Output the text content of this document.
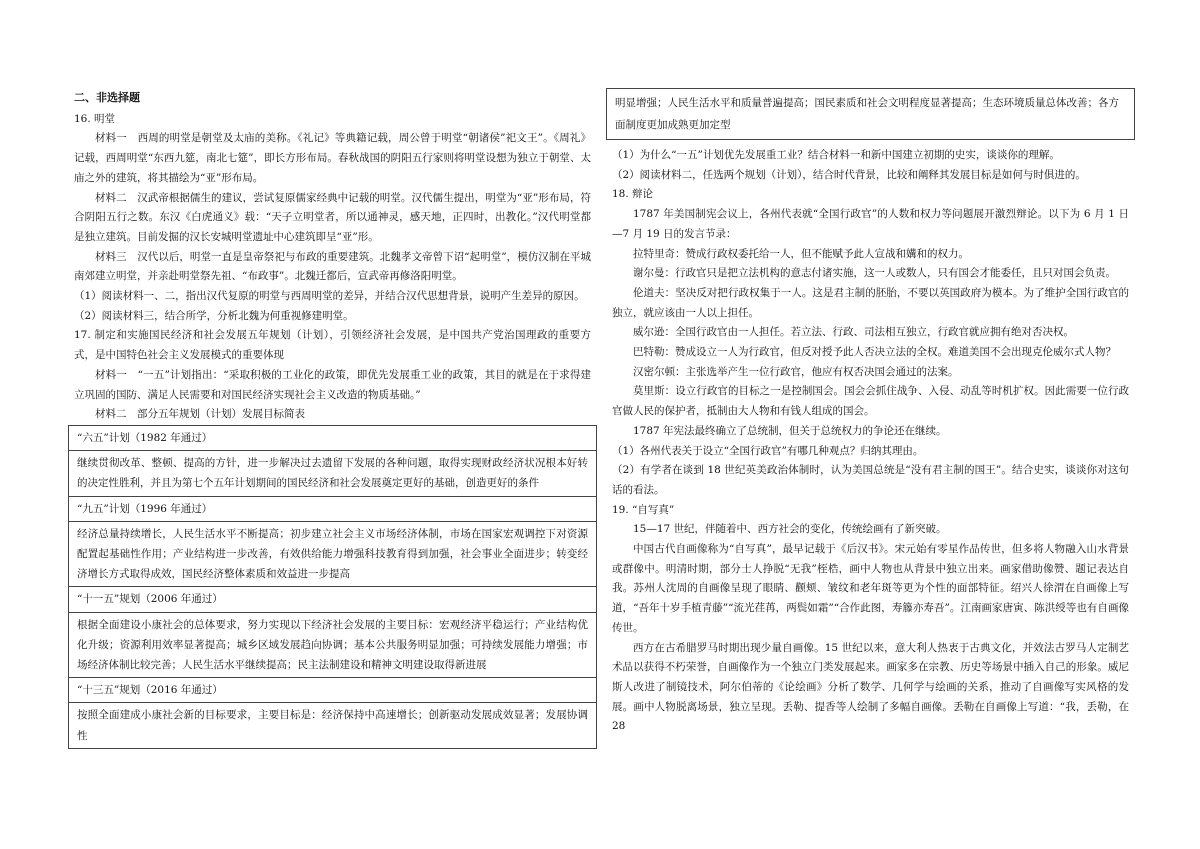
二、非选择题

16. 明堂

材料一　西周的明堂是朝堂及太庙的美称。《礼记》等典籍记载，周公曾于明堂“朝诸侯”祀文王”。《周礼》记载，西周明堂“东西九筵，南北七筵”，即长方形布局。春秋战国的阴阳五行家则将明堂设想为独立于朝堂、太庙之外的建筑，将其描绘为“亚”形布局。

材料二　汉武帝根据儒生的建议，尝试复原儒家经典中记载的明堂。汉代儒生提出，明堂为“亚”形布局，符合阴阳五行之数。东汉《白虎通义》载：“天子立明堂者，所以通神灵，感天地，正四时，出教化。”汉代明堂都是独立建筑。目前发掘的汉长安城明堂遗址中心建筑即呈“亚”形。

材料三　汉代以后，明堂一直是皇帝祭祀与布政的重要建筑。北魏孝文帝曾下诏“起明堂”，模仿汉制在平城南郊建立明堂，并亲赴明堂祭先祖、“布政事”。北魏迁都后，宣武帝再修洛阳明堂。

（1）阅读材料一、二，指出汉代复原的明堂与西周明堂的差异，并结合汉代思想背景，说明产生差异的原因。

（2）阅读材料三，结合所学，分析北魏为何重视修建明堂。

17. 制定和实施国民经济和社会发展五年规划（计划），引领经济社会发展，是中国共产党治国理政的重要方式，是中国特色社会主义发展模式的重要体现

材料一　“一五”计划指出：“采取积极的工业化的政策，即优先发展重工业的政策，其目的就是在于求得建立巩固的国防、满足人民需要和对国民经济实现社会主义改造的物质基础。”

材料二　部分五年规划（计划）发展目标简表

“六五”计划（1982 年通过）

继续贯彻改革、整顿、提高的方针，进一步解决过去遗留下发展的各种问题，取得实现财政经济状况根本好转的决定性胜利，并且为第七个五年计划期间的国民经济和社会发展奠定更好的基础，创造更好的条件

“九五”计划（1996 年通过）

经济总量持续增长，人民生活水平不断提高；初步建立社会主义市场经济体制，市场在国家宏观调控下对资源配置起基础性作用；产业结构进一步改善，有效供给能力增强科技教育得到加强，社会事业全面进步；转变经济增长方式取得成效，国民经济整体素质和效益进一步提高

“十一五”规划（2006 年通过）

根据全面建设小康社会的总体要求，努力实现以下经济社会发展的主要目标：宏观经济平稳运行；产业结构优化升级；资源利用效率显著提高；城乡区域发展趋向协调；基本公共服务明显加强；可持续发展能力增强；市场经济体制比较完善；人民生活水平继续提高；民主法制建设和精神文明建设取得新进展

“十三五”规划（2016 年通过）

按照全面建成小康社会新的目标要求，主要目标是：经济保持中高速增长；创新驱动发展成效显著；发展协调性

明显增强；人民生活水平和质量普遍提高；国民素质和社会文明程度显著提高；生态环境质量总体改善；各方面制度更加成熟更加定型

（1）为什么“一五”计划优先发展重工业？结合材料一和新中国建立初期的史实，谈谈你的理解。

（2）阅读材料二，任选两个规划（计划），结合时代背景，比较和阐释其发展目标是如何与时俱进的。

18. 辩论

1787 年美国制宪会议上，各州代表就“全国行政官”的人数和权力等问题展开激烈辩论。以下为 6 月 1 日—7 月 19 日的发言节录：

拉特里奇：赞成行政权委托给一人，但不能赋予此人宣战和媾和的权力。

谢尔曼：行政官只是把立法机构的意志付诸实施，这一人或数人，只有国会才能委任，且只对国会负责。

伦道夫：坚决反对把行政权集于一人。这是君主制的胚胎，不要以英国政府为模本。为了维护全国行政官的独立，就应该由一人以上担任。

威尔逊：全国行政官由一人担任。若立法、行政、司法相互独立，行政官就应拥有绝对否决权。

巴特勒：赞成设立一人为行政官，但反对授予此人否决立法的全权。难道美国不会出现克伦威尔式人物？

汉密尔顿：主张选举产生一位行政官，他应有权否决国会通过的法案。

莫里斯：设立行政官的目标之一是控制国会。国会会抓住战争、入侵、动乱等时机扩权。因此需要一位行政官做人民的保护者，抵制由大人物和有钱人组成的国会。

1787 年宪法最终确立了总统制，但关于总统权力的争论还在继续。

（1）各州代表关于设立“全国行政官”有哪几种观点？归纳其理由。

（2）有学者在谈到 18 世纪英美政治体制时，认为美国总统是“没有君主制的国王”。结合史实，谈谈你对这句话的看法。

19. “自写真”

15—17 世纪，伴随着中、西方社会的变化，传统绘画有了新突破。

中国古代自画像称为“自写真”，最早记载于《后汉书》。宋元始有零星作品传世，但多将人物融入山水背景或群像中。明清时期，部分士人挣脱“无我”桎梏，画中人物也从背景中独立出来。画家借助像赞、题记表达自我。苏州人沈周的自画像呈现了眼睛、颧颊、皱纹和老年斑等更为个性的面部特征。绍兴人徐渭在自画像上写道，“吾年十岁手植青藤”“流光荏苒，两鬓如霜”“合作此图，寿籐亦寿吾”。江南画家唐寅、陈洪绶等也有自画像传世。

西方在古希腊罗马时期出现少量自画像。15 世纪以来，意大利人热衷于古典文化，并效法古罗马人定制艺术品以获得不朽荣誉，自画像作为一个独立门类发展起来。画家多在宗教、历史等场景中插入自己的形象。威尼斯人改进了制镜技术，阿尔伯蒂的《论绘画》分析了数学、几何学与绘画的关系，推动了自画像写实风格的发展。画中人物脱离场景，独立呈现。丢勒、提香等人绘制了多幅自画像。丢勒在自画像上写道：“我，丢勒，在 28
